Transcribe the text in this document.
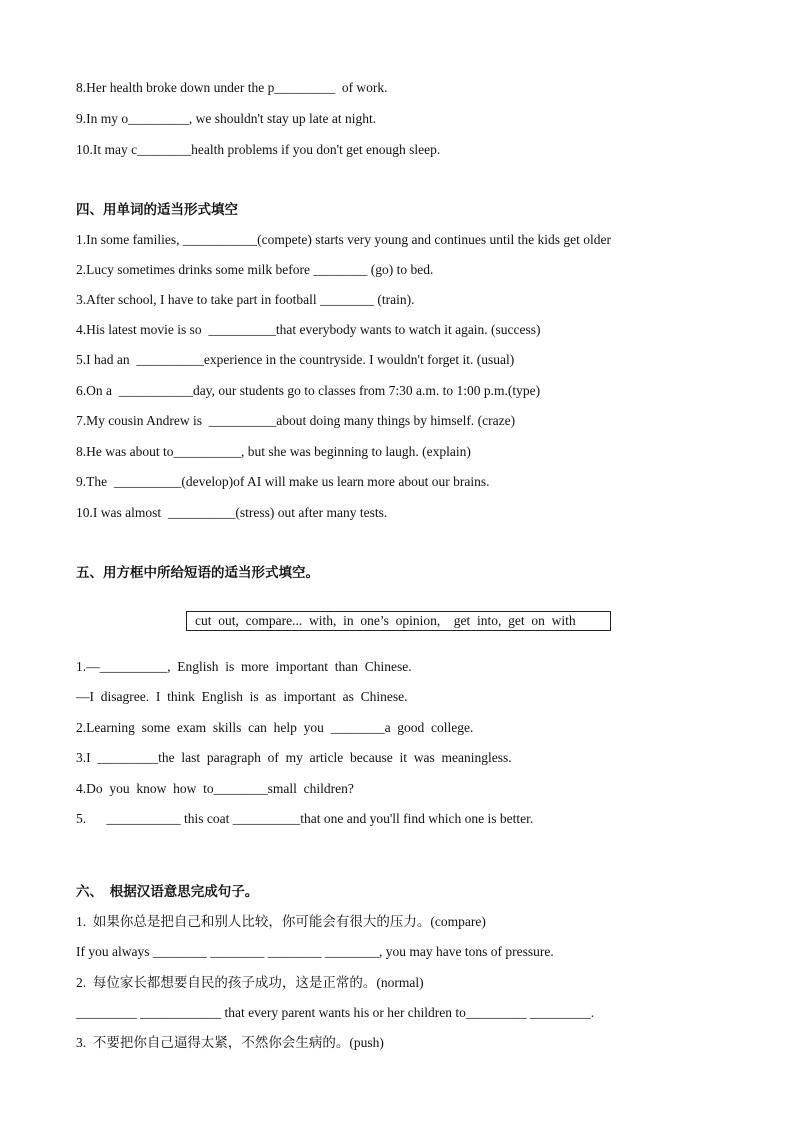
8.Her health broke down under the p_________  of work.

9.In my o_________, we shouldn't stay up late at night.

10.It may c________health problems if you don't get enough sleep.

四、用单词的适当形式填空

1.In some families, ___________(compete) starts very young and continues until the kids get older

2.Lucy sometimes drinks some milk before ________ (go) to bed.

3.After school, I have to take part in football ________ (train).

4.His latest movie is so  __________that everybody wants to watch it again. (success)

5.I had an  __________experience in the countryside. I wouldn't forget it. (usual)

6.On a  ___________day, our students go to classes from 7:30 a.m. to 1:00 p.m.(type)

7.My cousin Andrew is  __________about doing many things by himself. (craze)

8.He was about to__________, but she was beginning to laugh. (explain)

9.The  __________(develop)of AI will make us learn more about our brains.

10.I was almost  __________(stress) out after many tests.

五、用方框中所给短语的适当形式填空。

cut  out,  compare...  with,  in  one’s  opinion,    get  into,  get  on  with

1.—__________,  English  is  more  important  than  Chinese.

—I  disagree.  I  think  English  is  as  important  as  Chinese.

2.Learning  some  exam  skills  can  help  you  ________a  good  college.

3.I  _________the  last  paragraph  of  my  article  because  it  was  meaningless.

4.Do  you  know  how  to________small  children?

5.      ___________ this coat __________that one and you'll find which one is better.

六、  根据汉语意思完成句子。

1.  如果你总是把自己和别人比较，你可能会有很大的压力。(compare)

If you always ________ ________ ________ ________, you may have tons of pressure.

2.  每位家长都想要自民的孩子成功，这是正常的。(normal)

_________ ____________ that every parent wants his or her children to_________ _________.

3.  不要把你自己逼得太紧，不然你会生病的。(push)
